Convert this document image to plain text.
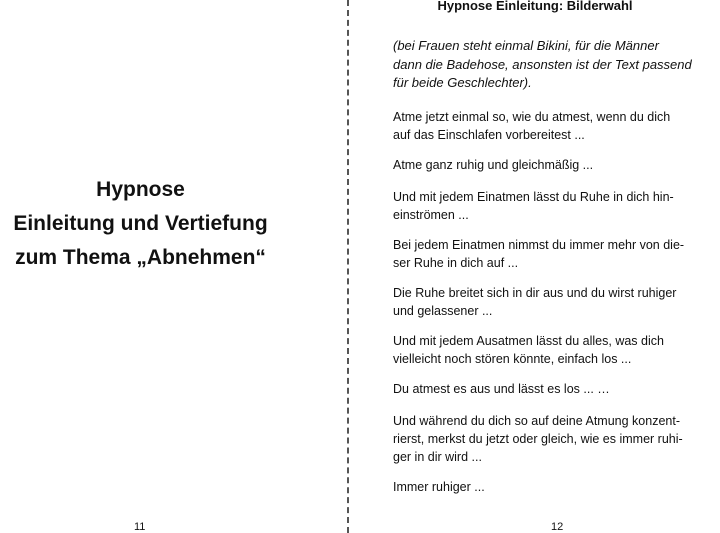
Hypnose
Einleitung und Vertiefung
zum Thema „Abnehmen“
11
Hypnose Einleitung: Bilderwahl
(bei Frauen steht einmal Bikini, für die Männer
dann die Badehose, ansonsten ist der Text passend
für beide Geschlechter).
Atme jetzt einmal so, wie du atmest, wenn du dich
auf das Einschlafen vorbereitest ...
Atme ganz ruhig und gleichmäßig ...
Und mit jedem Einatmen lässt du Ruhe in dich hin-
einströmen ...
Bei jedem Einatmen nimmst du immer mehr von die-
ser Ruhe in dich auf ...
Die Ruhe breitet sich in dir aus und du wirst ruhiger
und gelassener ...
Und mit jedem Ausatmen lässt du alles, was dich
vielleicht noch stören könnte, einfach los ...
Du atmest es aus und lässt es los ... …
Und während du dich so auf deine Atmung konzent-
rierst, merkst du jetzt oder gleich, wie es immer ruhi-
ger in dir wird ...
Immer ruhiger ...
12
